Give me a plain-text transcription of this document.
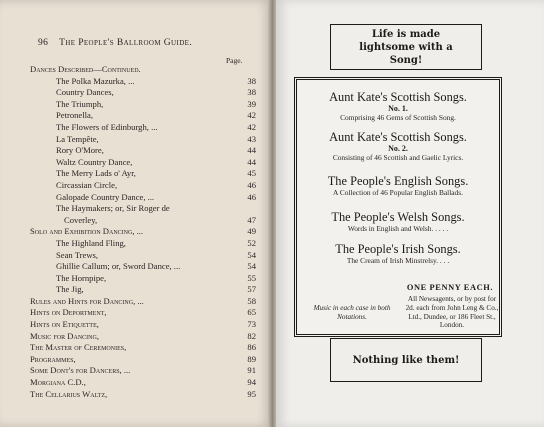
96 The People's Ballroom Guide.
Page.
Dances Described—Continued.
The Polka Mazurka, ...	38
Country Dances,	38
The Triumph,	39
Petronella,	42
The Flowers of Edinburgh, ...	42
La Tempête,	43
Rory O'More,	44
Waltz Country Dance,	44
The Merry Lads o' Ayr,	45
Circassian Circle,	46
Galopade Country Dance, ...	46
The Haymakers; or, Sir Roger de
Coverley,	47
Solo and Exhibition Dancing, ...	49
The Highland Fling,	52
Sean Trews,	54
Ghillie Callum; or, Sword Dance, ...	54
The Hornpipe,	55
The Jig,	57
Rules and Hints for Dancing, ...	58
Hints on Deportment,	65
Hints on Etiquette,	73
Music for Dancing,	82
The Master of Ceremonies,	86
Programmes,	89
Some Dont's for Dancers, ...	91
Morgiana C.D.,	94
The Cellarius Waltz,	95
Life is made lightsome with a Song!
All Newsagents, or by post for 2d. each from John Leng & Co., Ltd., Dundee, or 186 Fleet St., London.
Music in each case in both Notations.
Aunt Kate's Scottish Songs.
No. 1.
Comprising 46 Gems of Scottish Song.
Aunt Kate's Scottish Songs.
No. 2.
Consisting of 46 Scottish and Gaelic Lyrics.
The People's English Songs.
A Collection of 46 Popular English Ballads.
The People's Welsh Songs.
Words in English and Welsh. . . . .
The People's Irish Songs.
The Cream of Irish Minstrelsy. . . .
ONE PENNY EACH.
Nothing like them!
